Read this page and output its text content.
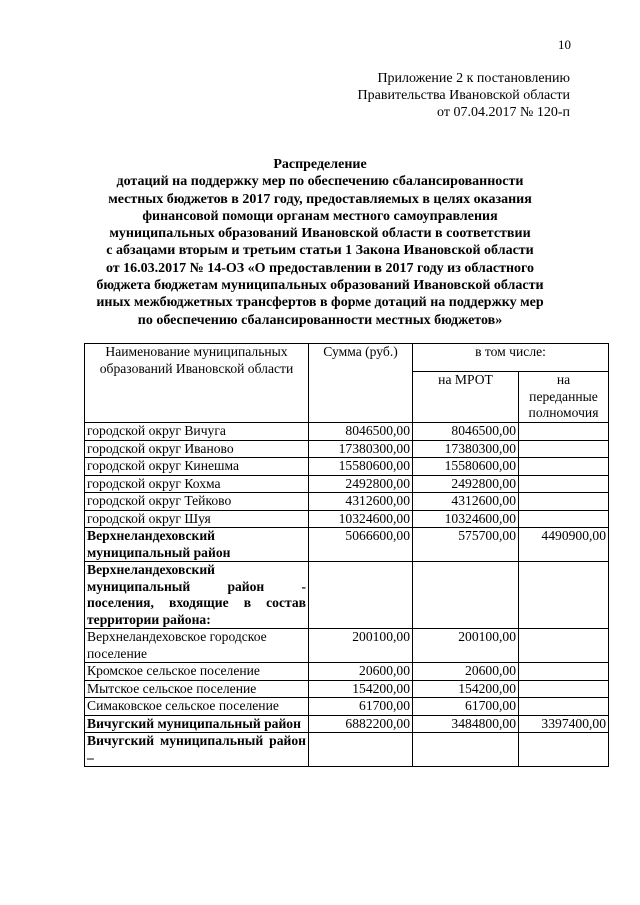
10
Приложение 2 к постановлению
Правительства Ивановской области
от 07.04.2017 № 120-п
Распределение
дотаций на поддержку мер по обеспечению сбалансированности
местных бюджетов в 2017 году, предоставляемых в целях оказания
финансовой помощи органам местного самоуправления
муниципальных образований Ивановской области в соответствии
с абзацами вторым и третьим статьи 1 Закона Ивановской области
от 16.03.2017 № 14-ОЗ «О предоставлении в 2017 году из областного
бюджета бюджетам муниципальных образований Ивановской области
иных межбюджетных трансфертов в форме дотаций на поддержку мер
по обеспечению сбалансированности местных бюджетов»
Наименование муниципальных образований Ивановской области	Сумма (руб.)	в том числе:	
		на МРОТ	на переданные полномочия
городской округ Вичуга	8046500,00	8046500,00	
городской округ Иваново	17380300,00	17380300,00	
городской округ Кинешма	15580600,00	15580600,00	
городской округ Кохма	2492800,00	2492800,00	
городской округ Тейково	4312600,00	4312600,00	
городской округ Шуя	10324600,00	10324600,00	
Верхнеландеховский муниципальный район	5066600,00	575700,00	4490900,00
Верхнеландеховский муниципальный район - поселения, входящие в состав территории района:			
Верхнеландеховское городское поселение	200100,00	200100,00	
Кромское сельское поселение	20600,00	20600,00	
Мытское сельское поселение	154200,00	154200,00	
Симаковское сельское поселение	61700,00	61700,00	
Вичугский муниципальный район	6882200,00	3484800,00	3397400,00
Вичугский муниципальный район –			
